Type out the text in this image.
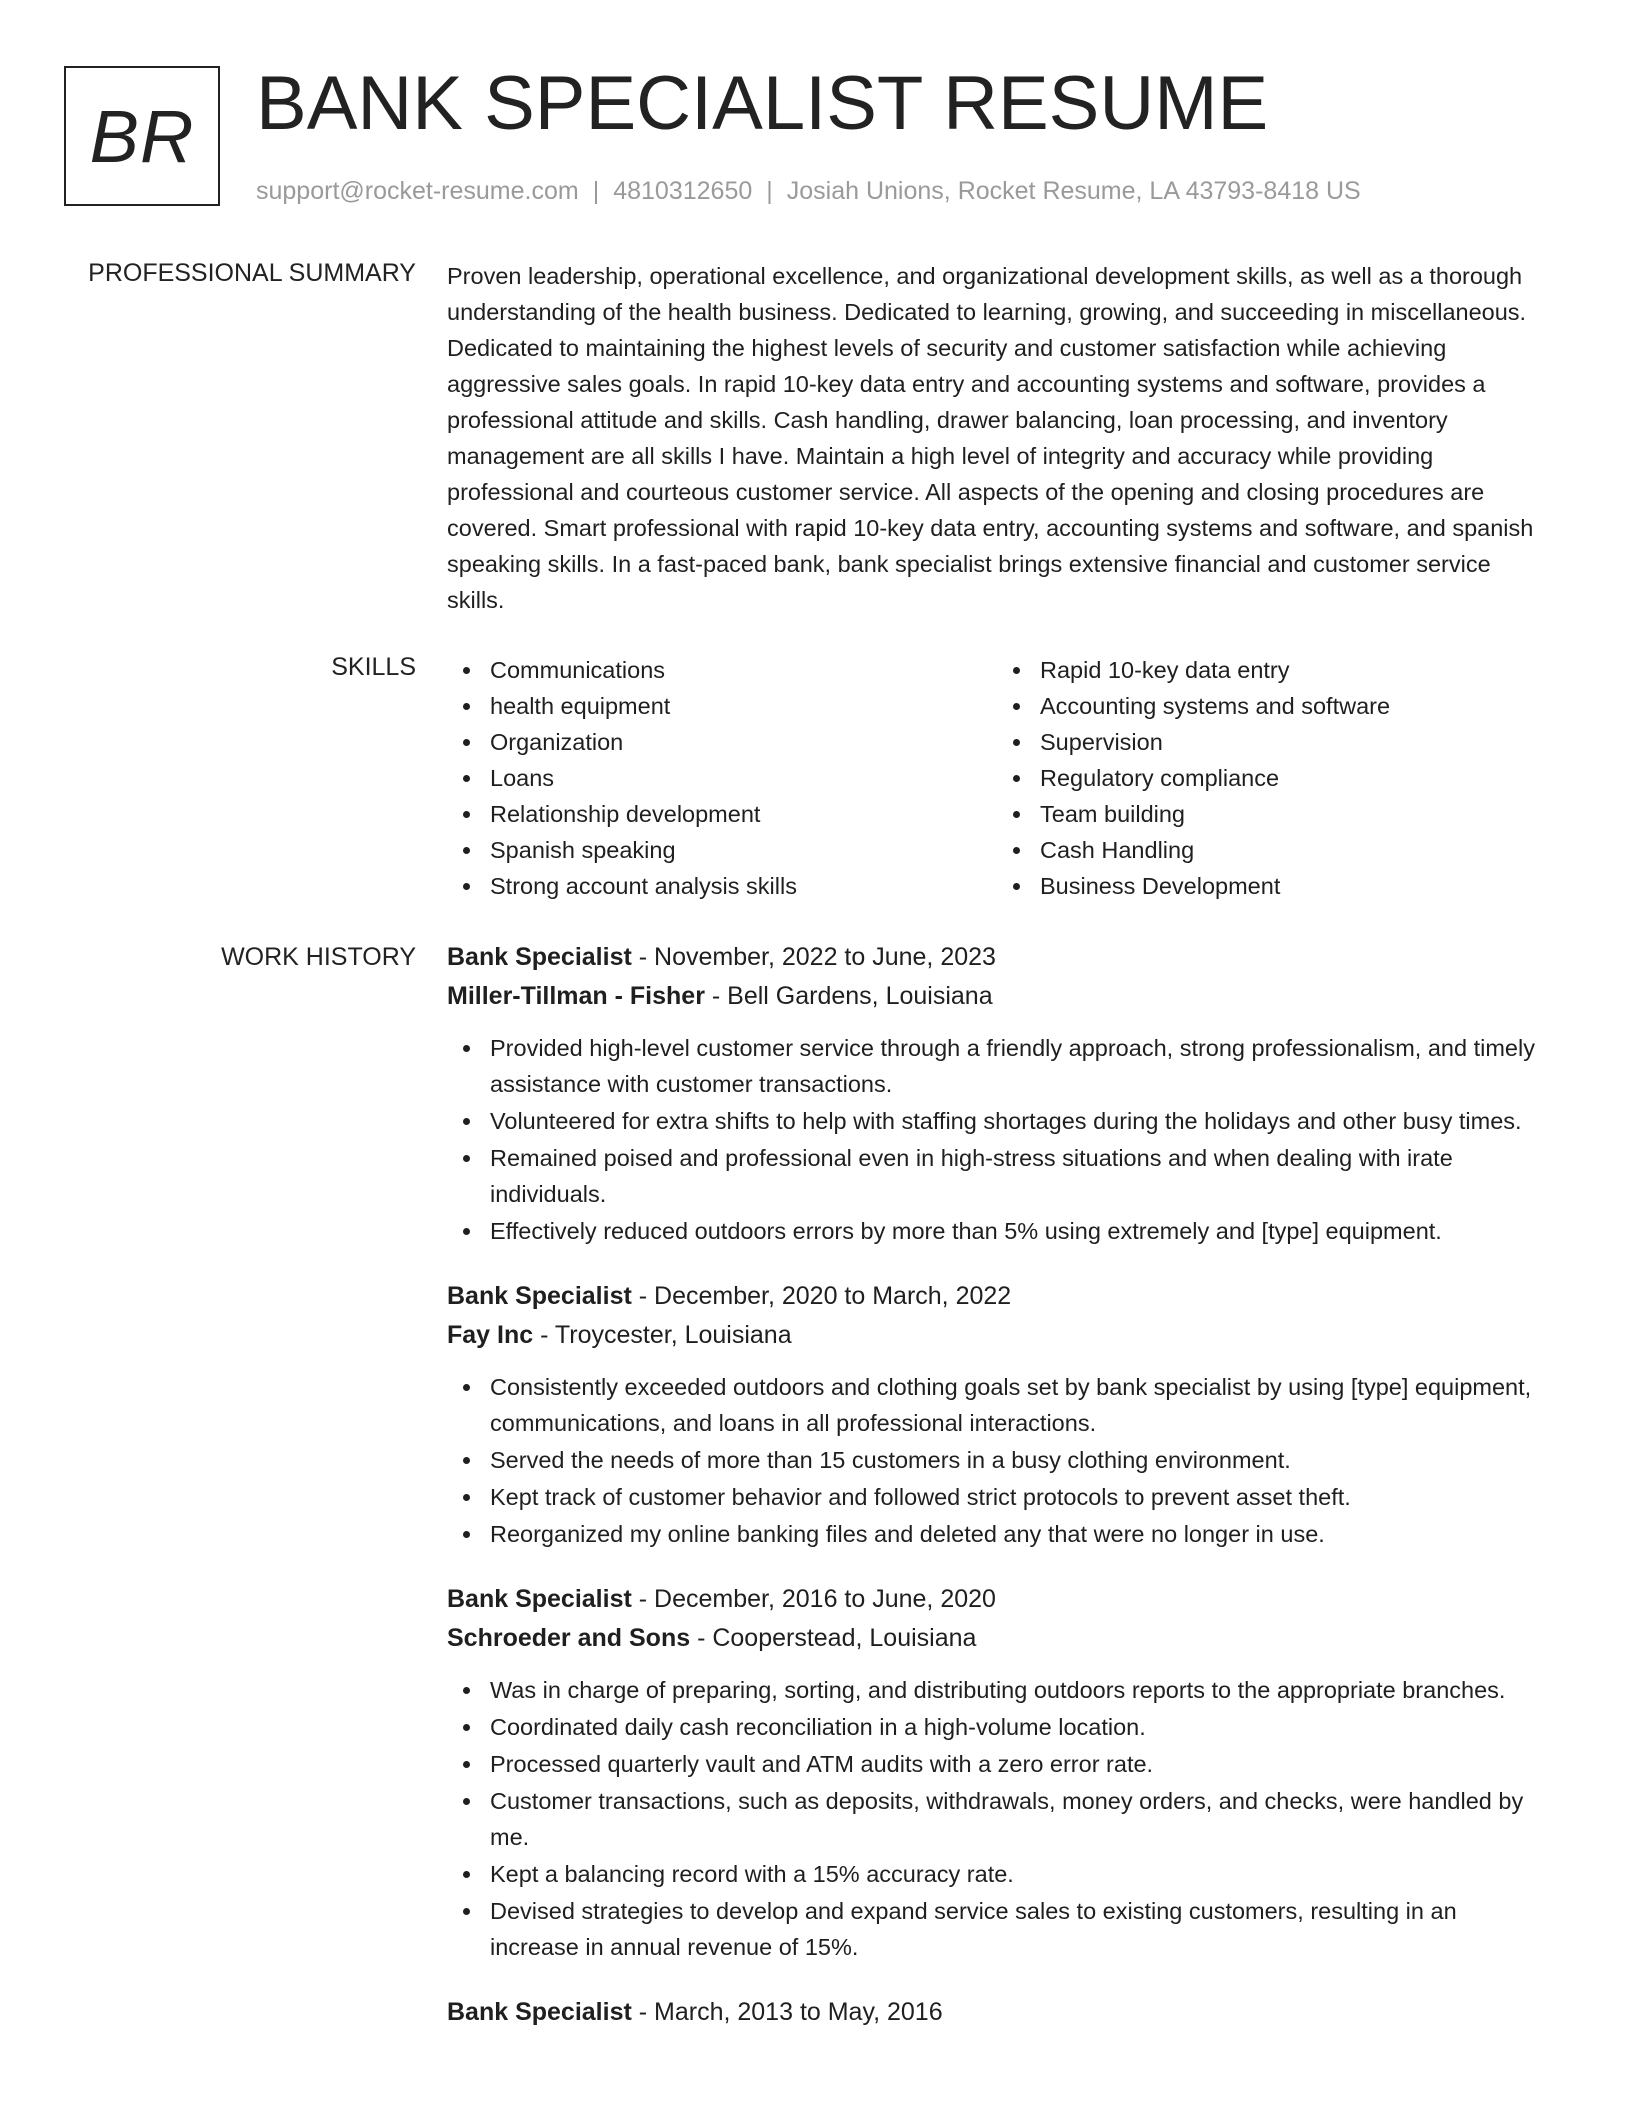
BR BANK SPECIALIST RESUME
support@rocket-resume.com | 4810312650 | Josiah Unions, Rocket Resume, LA 43793-8418 US
PROFESSIONAL SUMMARY Proven leadership, operational excellence, and organizational development skills, as well as a thorough understanding of the health business. Dedicated to learning, growing, and succeeding in miscellaneous. Dedicated to maintaining the highest levels of security and customer satisfaction while achieving aggressive sales goals. In rapid 10-key data entry and accounting systems and software, provides a professional attitude and skills. Cash handling, drawer balancing, loan processing, and inventory management are all skills I have. Maintain a high level of integrity and accuracy while providing professional and courteous customer service. All aspects of the opening and closing procedures are covered. Smart professional with rapid 10-key data entry, accounting systems and software, and spanish speaking skills. In a fast-paced bank, bank specialist brings extensive financial and customer service skills.

SKILLS	Communications
health equipment
Organization
Loans
Relationship development
Spanish speaking
Strong account analysis skills
Rapid 10-key data entry
Accounting systems and software
Supervision
Regulatory compliance
Team building
Cash Handling
Business Development
WORK HISTORY Bank Specialist - November, 2022 to June, 2023
Miller-Tillman - Fisher - Bell Gardens, Louisiana
Provided high-level customer service through a friendly approach, strong professionalism, and timely assistance with customer transactions.
Volunteered for extra shifts to help with staffing shortages during the holidays and other busy times.
Remained poised and professional even in high-stress situations and when dealing with irate individuals.
Effectively reduced outdoors errors by more than 5% using extremely and [type] equipment.
Bank Specialist - December, 2020 to March, 2022
Fay Inc - Troycester, Louisiana
Consistently exceeded outdoors and clothing goals set by bank specialist by using [type] equipment, communications, and loans in all professional interactions.
Served the needs of more than 15 customers in a busy clothing environment.
Kept track of customer behavior and followed strict protocols to prevent asset theft.
Reorganized my online banking files and deleted any that were no longer in use.
Bank Specialist - December, 2016 to June, 2020
Schroeder and Sons - Cooperstead, Louisiana
Was in charge of preparing, sorting, and distributing outdoors reports to the appropriate branches.
Coordinated daily cash reconciliation in a high-volume location.
Processed quarterly vault and ATM audits with a zero error rate.
Customer transactions, such as deposits, withdrawals, money orders, and checks, were handled by me.
Kept a balancing record with a 15% accuracy rate.
Devised strategies to develop and expand service sales to existing customers, resulting in an increase in annual revenue of 15%.
Bank Specialist - March, 2013 to May, 2016
